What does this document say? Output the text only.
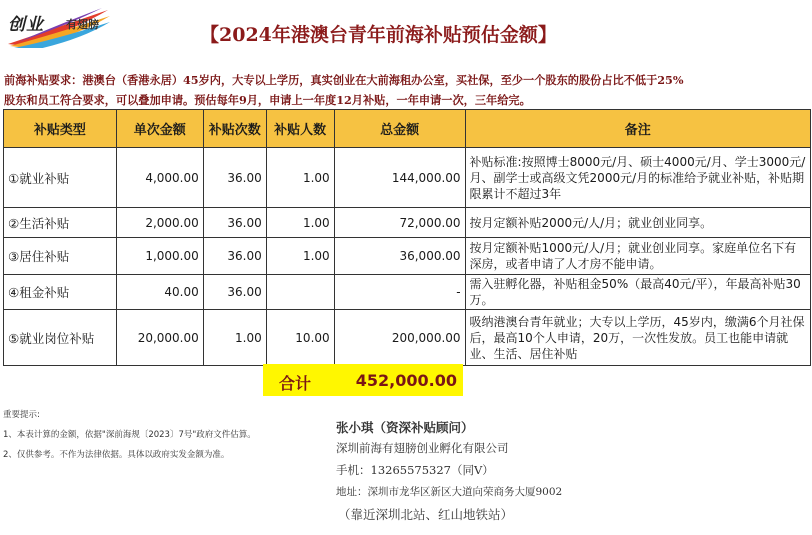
创业 有翅膀	【2024年港澳台青年前海补贴预估金额】
前海补贴要求：港澳台（香港永居）45岁内，大专以上学历，真实创业在大前海租办公室，买社保，至少一个股东的股份占比不低于25%
股东和员工符合要求，可以叠加申请。预估每年9月，申请上一年度12月补贴，一年申请一次，三年给完。
补贴类型	单次金额	补贴次数	补贴人数	总金额	备注
①就业补贴	4,000.00	36.00	1.00	144,000.00	补贴标准:按照博士8000元/月、硕士4000元/月、学士3000元/月、副学士或高级文凭2000元/月的标准给予就业补贴，补贴期限累计不超过3年
②生活补贴	2,000.00	36.00	1.00	72,000.00	按月定额补贴2000元/人/月；就业创业同享。
③居住补贴	1,000.00	36.00	1.00	36,000.00	按月定额补贴1000元/人/月；就业创业同享。家庭单位名下有深房，或者申请了人才房不能申请。
④租金补贴	40.00	36.00		-	需入驻孵化器，补贴租金50%（最高40元/平），年最高补贴30万。
⑤就业岗位补贴	20,000.00	1.00	10.00	200,000.00	吸纳港澳台青年就业；大专以上学历，45岁内，缴满6个月社保后，最高10个人申请，20万，一次性发放。员工也能申请就业、生活、居住补贴
合计	452,000.00
重要提示:
1、本表计算的金额，依据"深前海规〔2023〕7号"政府文件估算。
2、仅供参考。不作为法律依据。具体以政府实发金额为准。
张小琪（资深补贴顾问）
深圳前海有翅膀创业孵化有限公司
手机：13265575327（同V）
地址：深圳市龙华区新区大道向荣商务大厦9002
（靠近深圳北站、红山地铁站）
